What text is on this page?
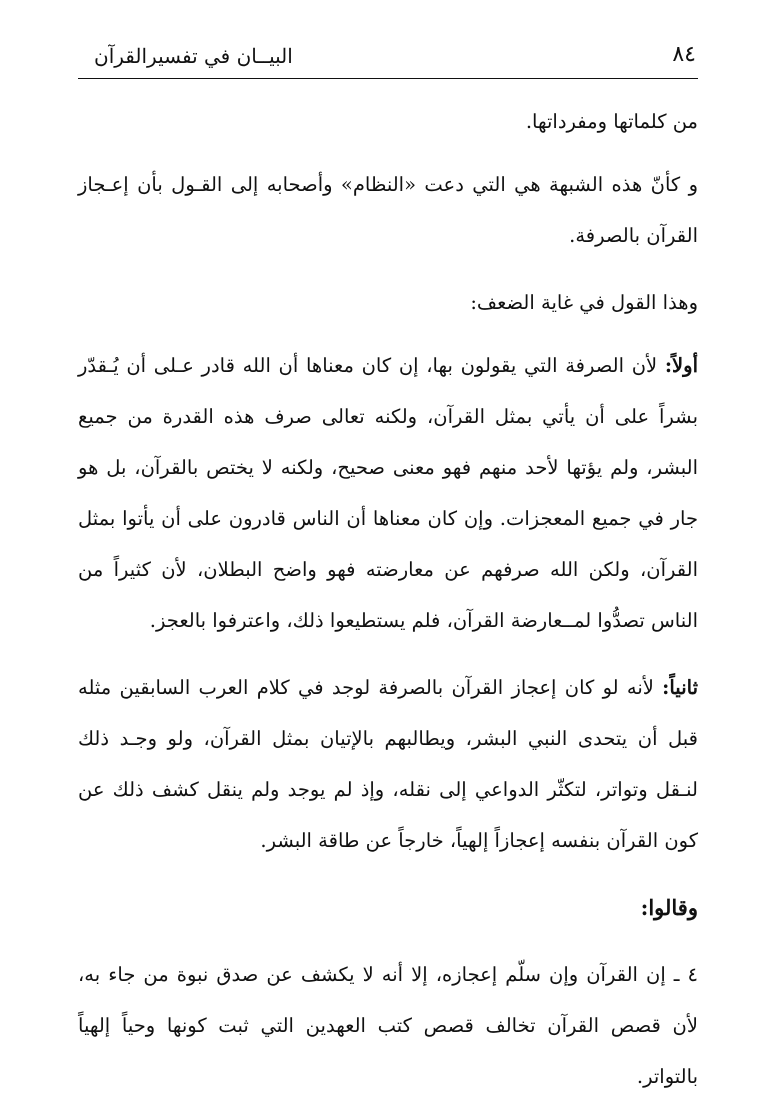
٨٤
البيــان في تفسيرالقرآن

من كلماتها ومفرداتها.

و كأنّ هذه الشبهة هي التي دعت «النظام» وأصحابه إلى القـول بأن إعـجاز القرآن بالصرفة.

وهذا القول في غاية الضعف:

أولاً: لأن الصرفة التي يقولون بها، إن كان معناها أن الله قادر عـلى أن يُـقدّر بشراً على أن يأتي بمثل القرآن، ولكنه تعالى صرف هذه القدرة من جميع البشر، ولم يؤتها لأحد منهم فهو معنى صحيح، ولكنه لا يختص بالقرآن، بل هو جار في جميع المعجزات. وإن كان معناها أن الناس قادرون على أن يأتوا بمثل القرآن، ولكن الله صرفهم عن معارضته فهو واضح البطلان، لأن كثيراً من الناس تصدُّوا لمــعارضة القرآن، فلم يستطيعوا ذلك، واعترفوا بالعجز.

ثانياً: لأنه لو كان إعجاز القرآن بالصرفة لوجد في كلام العرب السابقين مثله قبل أن يتحدى النبي البشر، ويطالبهم بالإتيان بمثل القرآن، ولو وجـد ذلك لنـقل وتواتر، لتكثّر الدواعي إلى نقله، وإذ لم يوجد ولم ينقل كشف ذلك عن كون القرآن بنفسه إعجازاً إلهياً، خارجاً عن طاقة البشر.

وقالوا:

٤ ـ إن القرآن وإن سلّم إعجازه، إلا أنه لا يكشف عن صدق نبوة من جاء به، لأن قصص القرآن تخالف قصص كتب العهدين التي ثبت كونها وحياً إلهياً بالتواتر.
